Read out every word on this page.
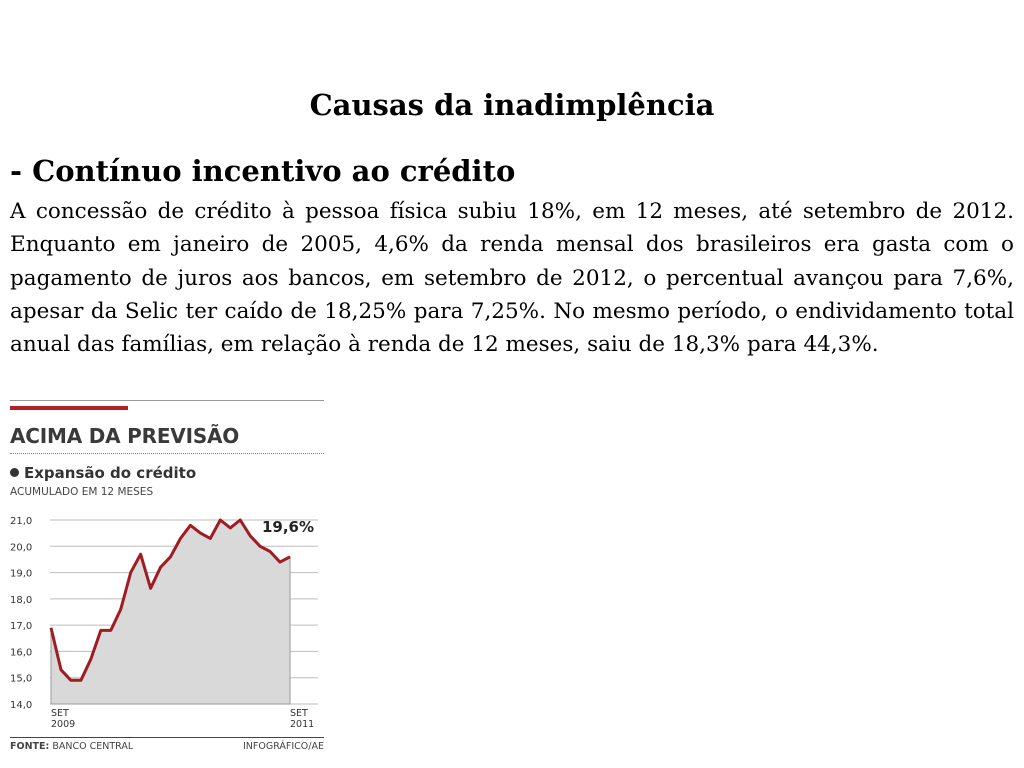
Causas da inadimplência
- Contínuo incentivo ao crédito

A concessão de crédito à pessoa física subiu 18%, em 12 meses, até setembro de 2012. Enquanto em janeiro de 2005, 4,6% da renda mensal dos brasileiros era gasta com o pagamento de juros aos bancos, em setembro de 2012, o percentual avançou para 7,6%, apesar da Selic ter caído de 18,25% para 7,25%. No mesmo período, o endividamento total anual das famílias, em relação à renda de 12 meses, saiu de 18,3% para 44,3%.

ACIMA DA PREVISÃO
Expansão do crédito
ACUMULADO EM 12 MESES
21,0
20,0
19,0
18,0
17,0
16,0
15,0
14,0
SET
2009
SET
2011
19,6%
FONTE: BANCO CENTRAL	INFOGRÁFICO/AE
